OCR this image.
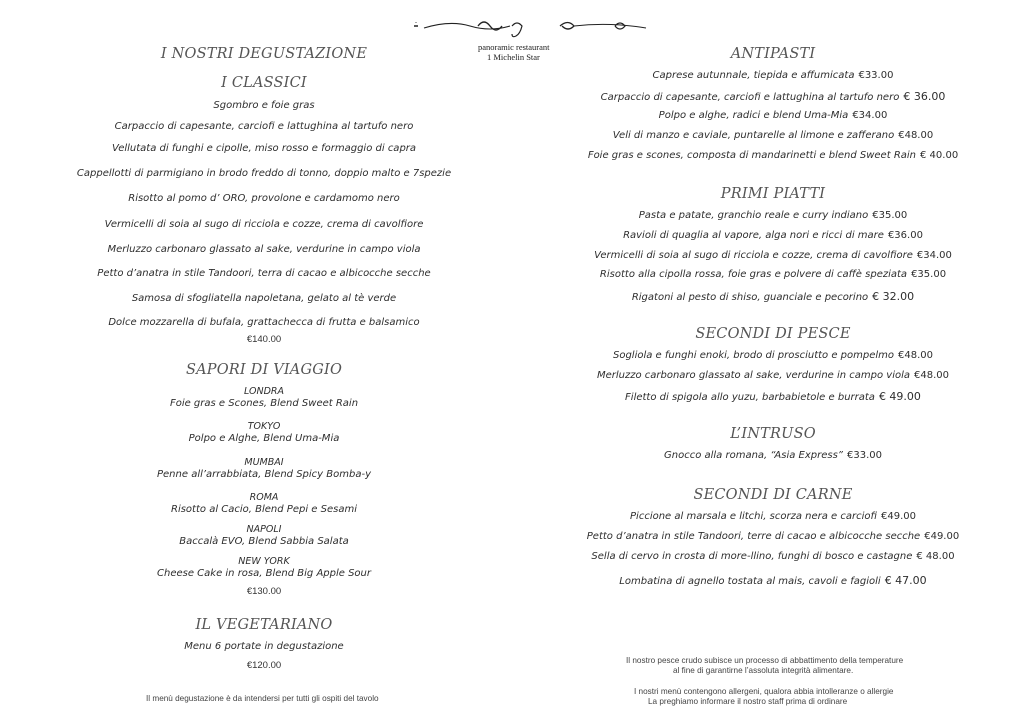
panoramic restaurant
1 Michelin Star
I NOSTRI DEGUSTAZIONE
I CLASSICI
Sgombro e foie gras
Carpaccio di capesante, carciofi e lattughina al tartufo nero
Vellutata di funghi e cipolle, miso rosso e formaggio di capra
Cappellotti di parmigiano in brodo freddo di tonno, doppio malto e 7spezie
Risotto al pomo d’ ORO, provolone e cardamomo nero
Vermicelli di soia al sugo di ricciola e cozze, crema di cavolfiore
Merluzzo carbonaro glassato al sake, verdurine in campo viola
Petto d’anatra in stile Tandoori, terra di cacao e albicocche secche
Samosa di sfogliatella napoletana, gelato al tè verde
Dolce mozzarella di bufala, grattachecca di frutta e balsamico
€140.00
SAPORI DI VIAGGIO
LONDRA
Foie gras e Scones, Blend Sweet Rain
TOKYO
Polpo e Alghe, Blend Uma-Mia
MUMBAI
Penne all’arrabbiata, Blend Spicy Bomba-y
ROMA
Risotto al Cacio, Blend Pepi e Sesami
NAPOLI
Baccalà EVO, Blend Sabbia Salata
NEW YORK
Cheese Cake in rosa, Blend Big Apple Sour
€130.00
IL VEGETARIANO
Menu 6 portate in degustazione
€120.00
Il menù degustazione è da intendersi per tutti gli ospiti del tavolo
ANTIPASTI
Caprese autunnale, tiepida e affumicata €33.00
Carpaccio di capesante, carciofi e lattughina al tartufo nero € 36.00
Polpo e alghe, radici e blend Uma-Mia €34.00
Veli di manzo e caviale, puntarelle al limone e zafferano €48.00
Foie gras e scones, composta di mandarinetti e blend Sweet Rain € 40.00
PRIMI PIATTI
Pasta e patate, granchio reale e curry indiano €35.00
Ravioli di quaglia al vapore, alga nori e ricci di mare €36.00
Vermicelli di soia al sugo di ricciola e cozze, crema di cavolfiore €34.00
Risotto alla cipolla rossa, foie gras e polvere di caffè speziata €35.00
Rigatoni al pesto di shiso, guanciale e pecorino € 32.00
SECONDI DI PESCE
Sogliola e funghi enoki, brodo di prosciutto e pompelmo €48.00
Merluzzo carbonaro glassato al sake, verdurine in campo viola €48.00
Filetto di spigola allo yuzu, barbabietole e burrata € 49.00
L’INTRUSO
Gnocco alla romana, “Asia Express” €33.00
SECONDI DI CARNE
Piccione al marsala e litchi, scorza nera e carciofi €49.00
Petto d’anatra in stile Tandoori, terre di cacao e albicocche secche €49.00
Sella di cervo in crosta di more-llino, funghi di bosco e castagne € 48.00
Lombatina di agnello tostata al mais, cavoli e fagioli € 47.00
Il nostro pesce crudo subisce un processo di abbattimento della temperature
al fine di garantirne l’assoluta integrità alimentare.
I nostri menù contengono allergeni, qualora abbia intolleranze o allergie
La preghiamo informare il nostro staff prima di ordinare
